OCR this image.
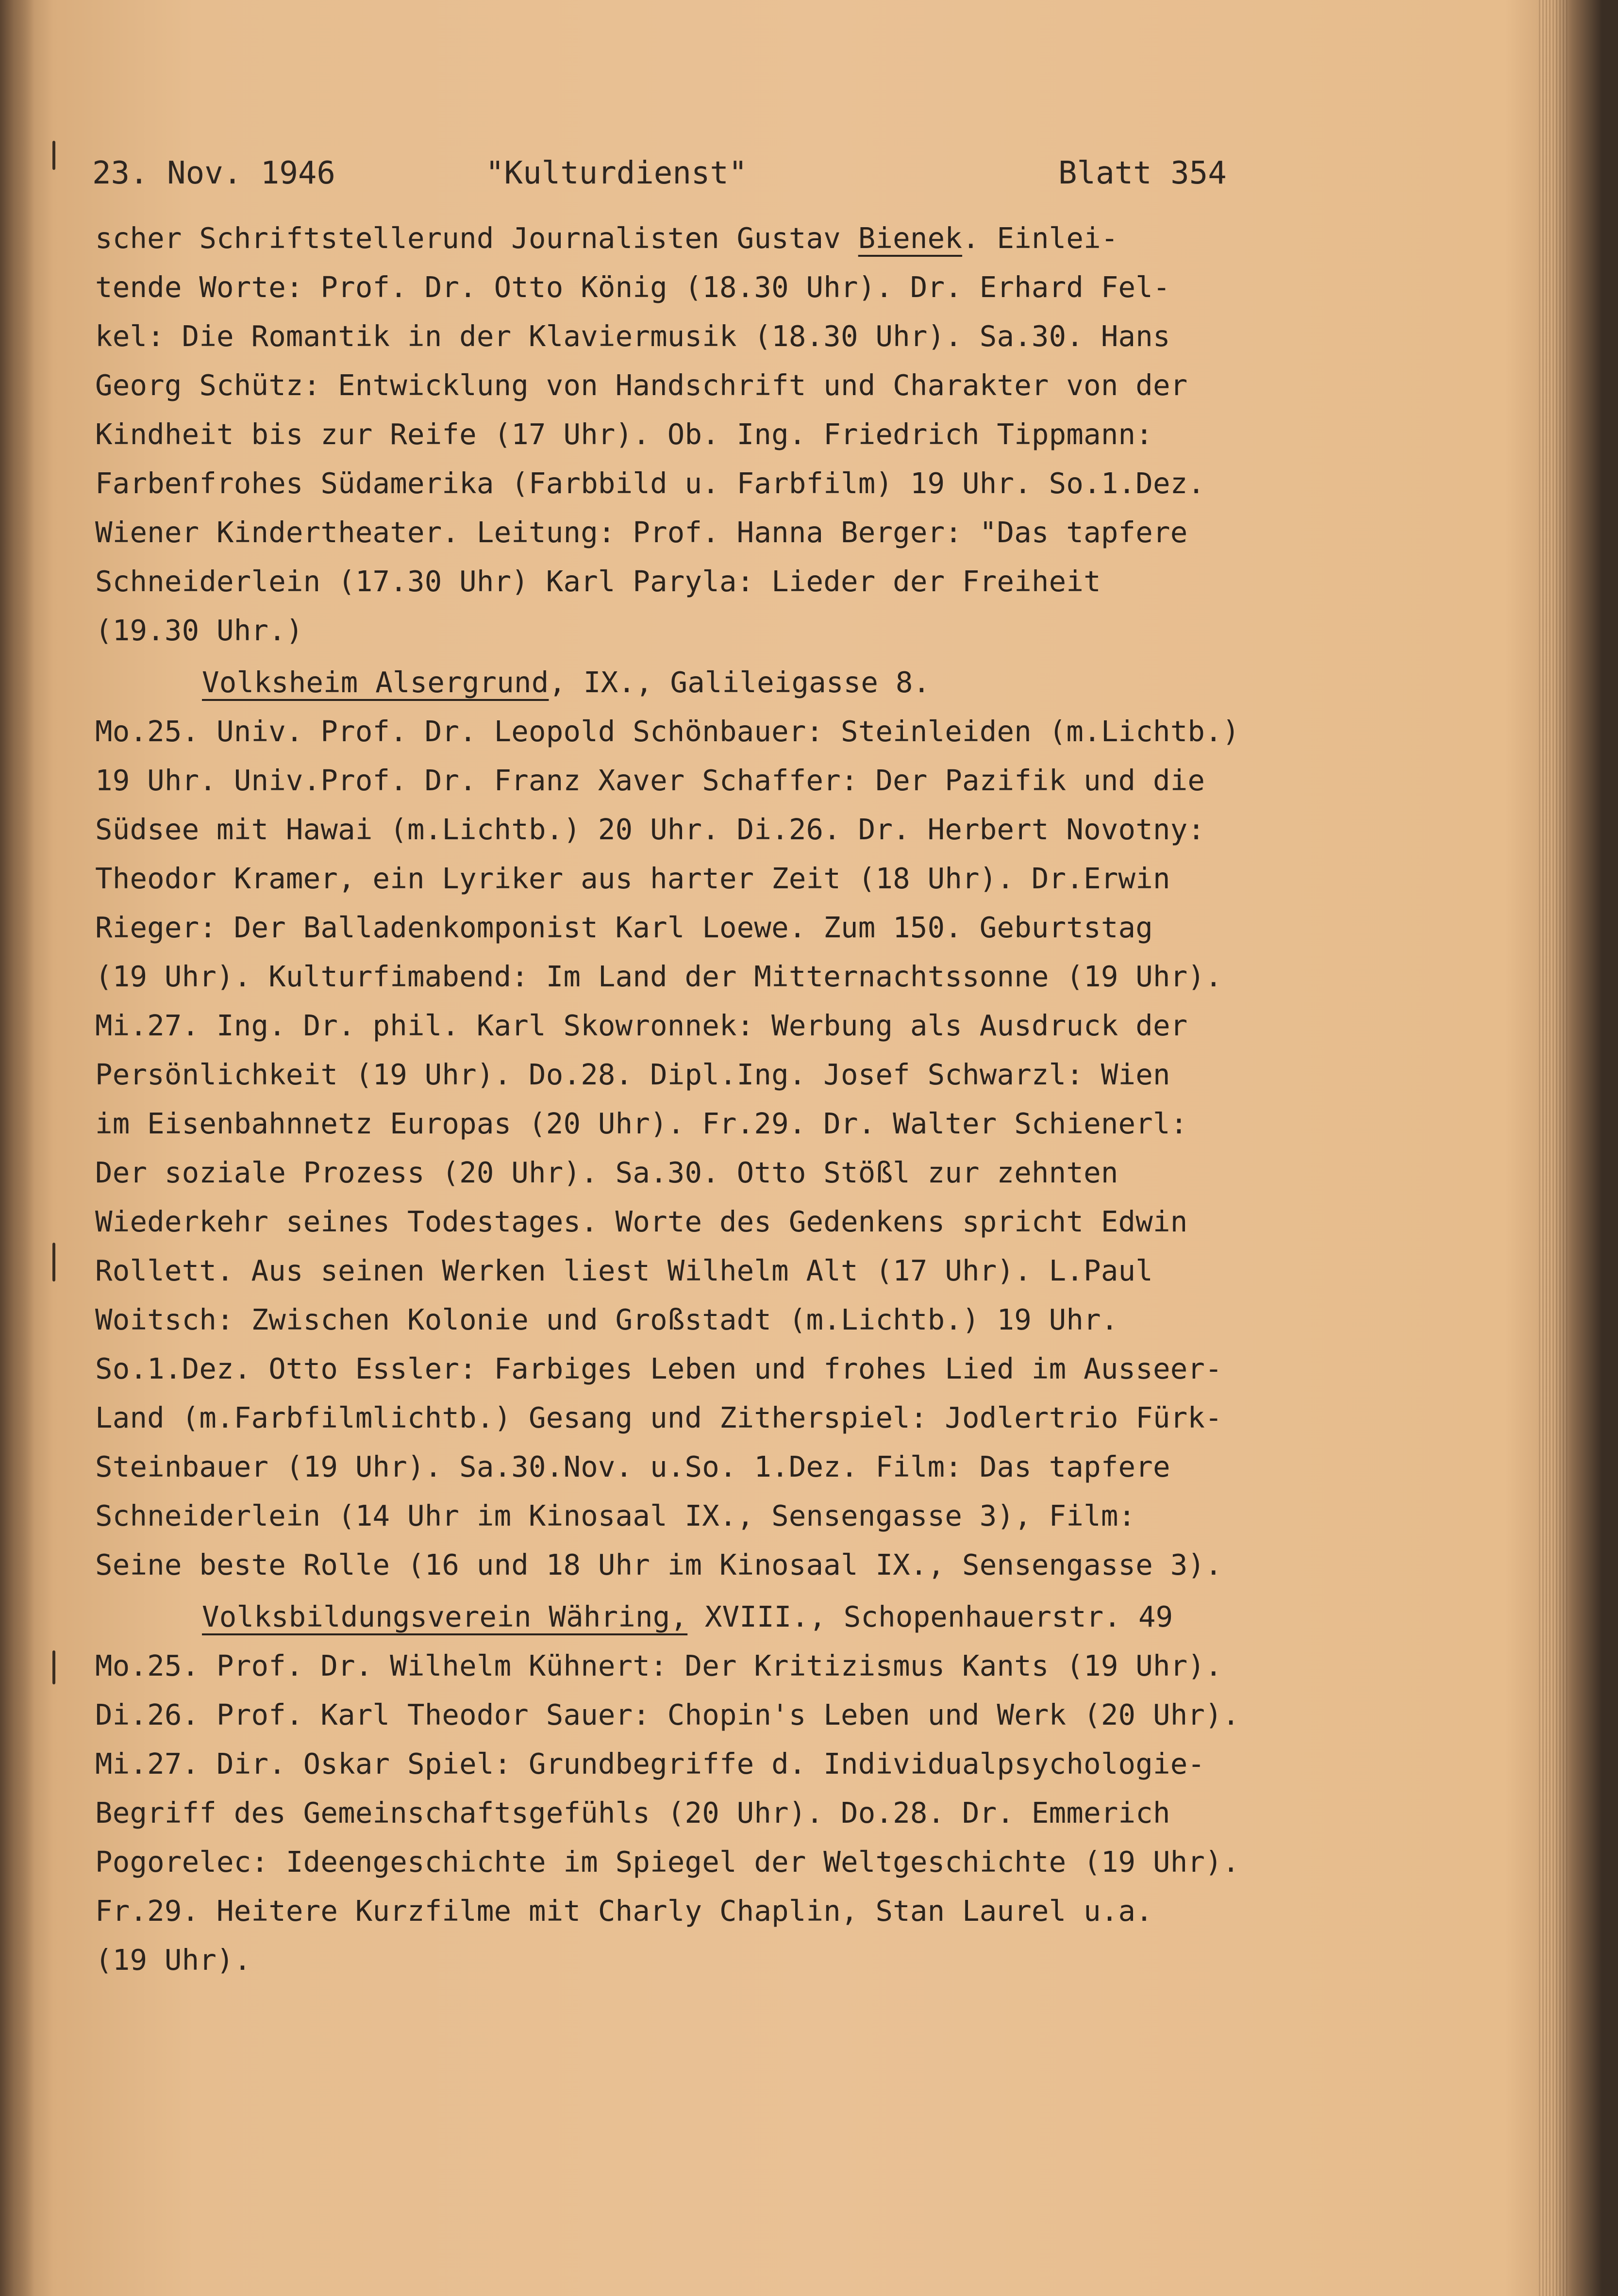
23. Nov. 1946	"Kulturdienst"	Blatt 354
scher Schriftstellerund Journalisten Gustav Bienek. Einlei-
tende Worte: Prof. Dr. Otto König (18.30 Uhr). Dr. Erhard Fel-
kel: Die Romantik in der Klaviermusik (18.30 Uhr). Sa.30. Hans
Georg Schütz: Entwicklung von Handschrift und Charakter von der
Kindheit bis zur Reife (17 Uhr). Ob. Ing. Friedrich Tippmann:
Farbenfrohes Südamerika (Farbbild u. Farbfilm) 19 Uhr. So.1.Dez.
Wiener Kindertheater. Leitung: Prof. Hanna Berger: "Das tapfere
Schneiderlein (17.30 Uhr) Karl Paryla: Lieder der Freiheit
(19.30 Uhr.)
Volksheim Alsergrund, IX., Galileigasse 8.
Mo.25. Univ. Prof. Dr. Leopold Schönbauer: Steinleiden (m.Lichtb.)
19 Uhr. Univ.Prof. Dr. Franz Xaver Schaffer: Der Pazifik und die
Südsee mit Hawai (m.Lichtb.) 20 Uhr. Di.26. Dr. Herbert Novotny:
Theodor Kramer, ein Lyriker aus harter Zeit (18 Uhr). Dr.Erwin
Rieger: Der Balladenkomponist Karl Loewe. Zum 150. Geburtstag
(19 Uhr). Kulturfimabend: Im Land der Mitternachtssonne (19 Uhr).
Mi.27. Ing. Dr. phil. Karl Skowronnek: Werbung als Ausdruck der
Persönlichkeit (19 Uhr). Do.28. Dipl.Ing. Josef Schwarzl: Wien
im Eisenbahnnetz Europas (20 Uhr). Fr.29. Dr. Walter Schienerl:
Der soziale Prozess (20 Uhr). Sa.30. Otto Stößl zur zehnten
Wiederkehr seines Todestages. Worte des Gedenkens spricht Edwin
Rollett. Aus seinen Werken liest Wilhelm Alt (17 Uhr). L.Paul
Woitsch: Zwischen Kolonie und Großstadt (m.Lichtb.) 19 Uhr.
So.1.Dez. Otto Essler: Farbiges Leben und frohes Lied im Ausseer-
Land (m.Farbfilmlichtb.) Gesang und Zitherspiel: Jodlertrio Fürk-
Steinbauer (19 Uhr). Sa.30.Nov. u.So. 1.Dez. Film: Das tapfere
Schneiderlein (14 Uhr im Kinosaal IX., Sensengasse 3), Film:
Seine beste Rolle (16 und 18 Uhr im Kinosaal IX., Sensengasse 3).
Volksbildungsverein Währing, XVIII., Schopenhauerstr. 49
Mo.25. Prof. Dr. Wilhelm Kühnert: Der Kritizismus Kants (19 Uhr).
Di.26. Prof. Karl Theodor Sauer: Chopin's Leben und Werk (20 Uhr).
Mi.27. Dir. Oskar Spiel: Grundbegriffe d. Individualpsychologie-
Begriff des Gemeinschaftsgefühls (20 Uhr). Do.28. Dr. Emmerich
Pogorelec: Ideengeschichte im Spiegel der Weltgeschichte (19 Uhr).
Fr.29. Heitere Kurzfilme mit Charly Chaplin, Stan Laurel u.a.
(19 Uhr).
